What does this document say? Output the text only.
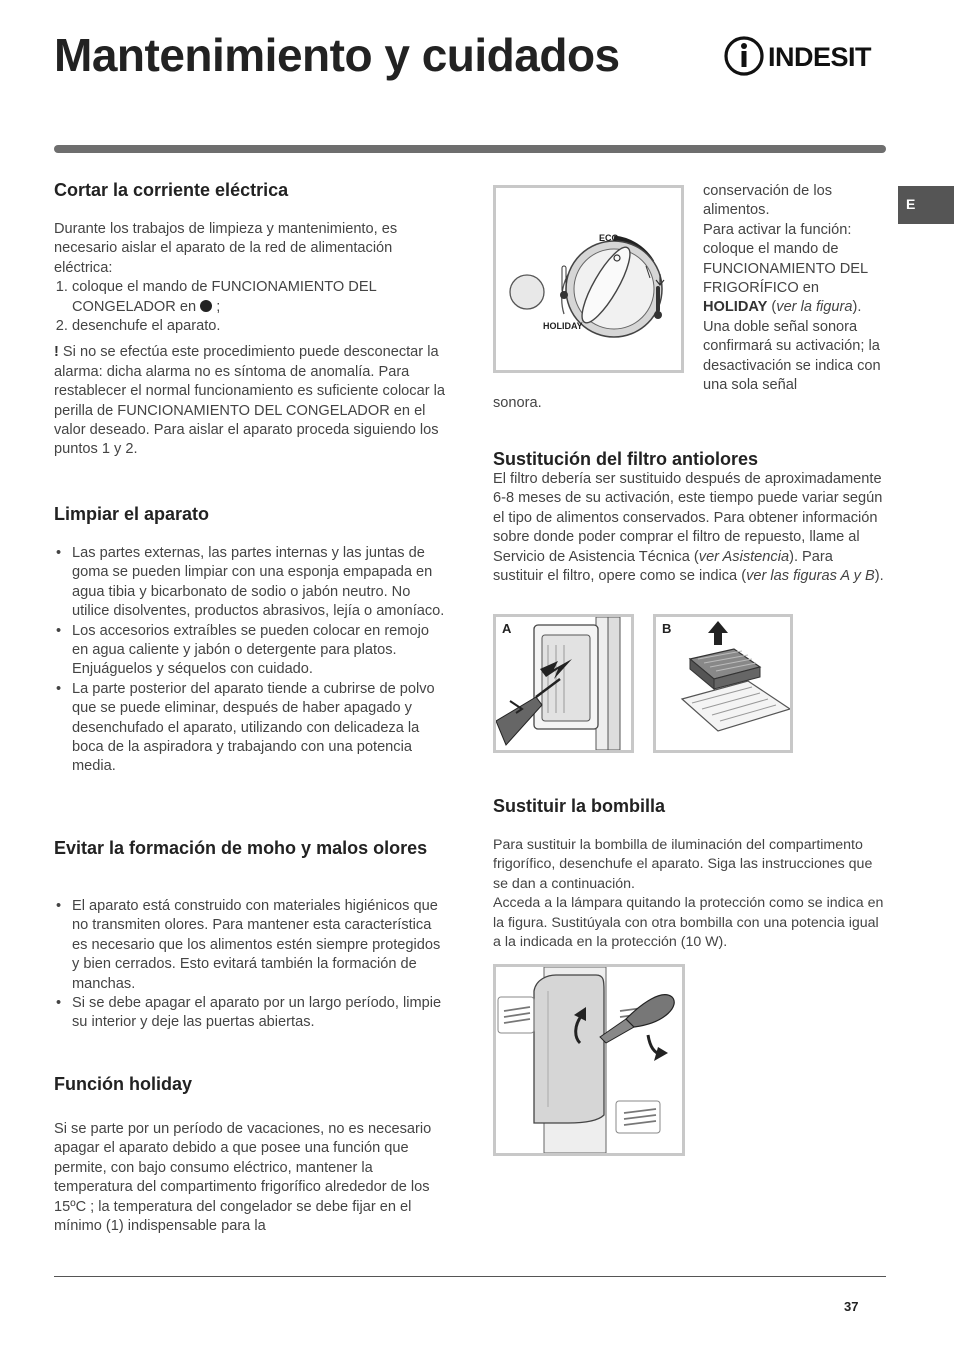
Mantenimiento y cuidados	INDESIT
E
Cortar la corriente eléctrica

Durante los trabajos de limpieza y mantenimiento, es necesario aislar el aparato de la red de alimentación eléctrica:

1. coloque el mando de FUNCIONAMIENTO DEL CONGELADOR en ;
2. desenchufe el aparato.

! Si no se efectúa este procedimiento puede desconectar la alarma: dicha alarma no es síntoma de anomalía. Para restablecer el normal funcionamiento es suficiente colocar la perilla de FUNCIONAMIENTO DEL CONGELADOR en el valor deseado. Para aislar el aparato proceda siguiendo los puntos 1 y 2.

Limpiar el aparato
• Las partes externas, las partes internas y las juntas de goma se pueden limpiar con una esponja empapada en agua tibia y bicarbonato de sodio o jabón neutro. No utilice disolventes, productos abrasivos, lejía o amoníaco.
• Los accesorios extraíbles se pueden colocar en remojo en agua caliente y jabón o detergente para platos. Enjuáguelos y séquelos con cuidado.
• La parte posterior del aparato tiende a cubrirse de polvo que se puede eliminar, después de haber apagado y desenchufado el aparato, utilizando con delicadeza la boca de la aspiradora y trabajando con una potencia media.
Evitar la formación de moho y malos olores
• El aparato está construido con materiales higiénicos que no transmiten olores. Para mantener esta característica es necesario que los alimentos estén siempre protegidos y bien cerrados. Esto evitará también la formación de manchas.
• Si se debe apagar el aparato por un largo período, limpie su interior y deje las puertas abiertas.
Función holiday

Si se parte por un período de vacaciones, no es necesario apagar el aparato debido a que posee una función que permite, con bajo consumo eléctrico, mantener la temperatura del compartimento frigorífico alrededor de los 15ºC ; la temperatura del congelador se debe fijar en el mínimo (1) indispensable para la

ECO
HOLIDAY

conservación de los alimentos.

Para activar la función: coloque el mando de FUNCIONAMIENTO DEL FRIGORÍFICO en HOLIDAY (ver la figura).

Una doble señal sonora confirmará su activación; la desactivación se indica con una sola señal

sonora.

Sustitución del filtro antiolores

El filtro debería ser sustituido después de aproximadamente 6-8 meses de su activación, este tiempo puede variar según el tipo de alimentos conservados. Para obtener información sobre donde poder comprar el filtro de repuesto, llame al Servicio de Asistencia Técnica (ver Asistencia). Para sustituir el filtro, opere como se indica (ver las figuras A y B).

A	B
Sustituir la bombilla

Para sustituir la bombilla de iluminación del compartimento frigorífico, desenchufe el aparato. Siga las instrucciones que se dan a continuación.

Acceda a la lámpara quitando la protección como se indica en la figura. Sustitúyala con otra bombilla con una potencia igual a la indicada en la protección (10 W).

37
